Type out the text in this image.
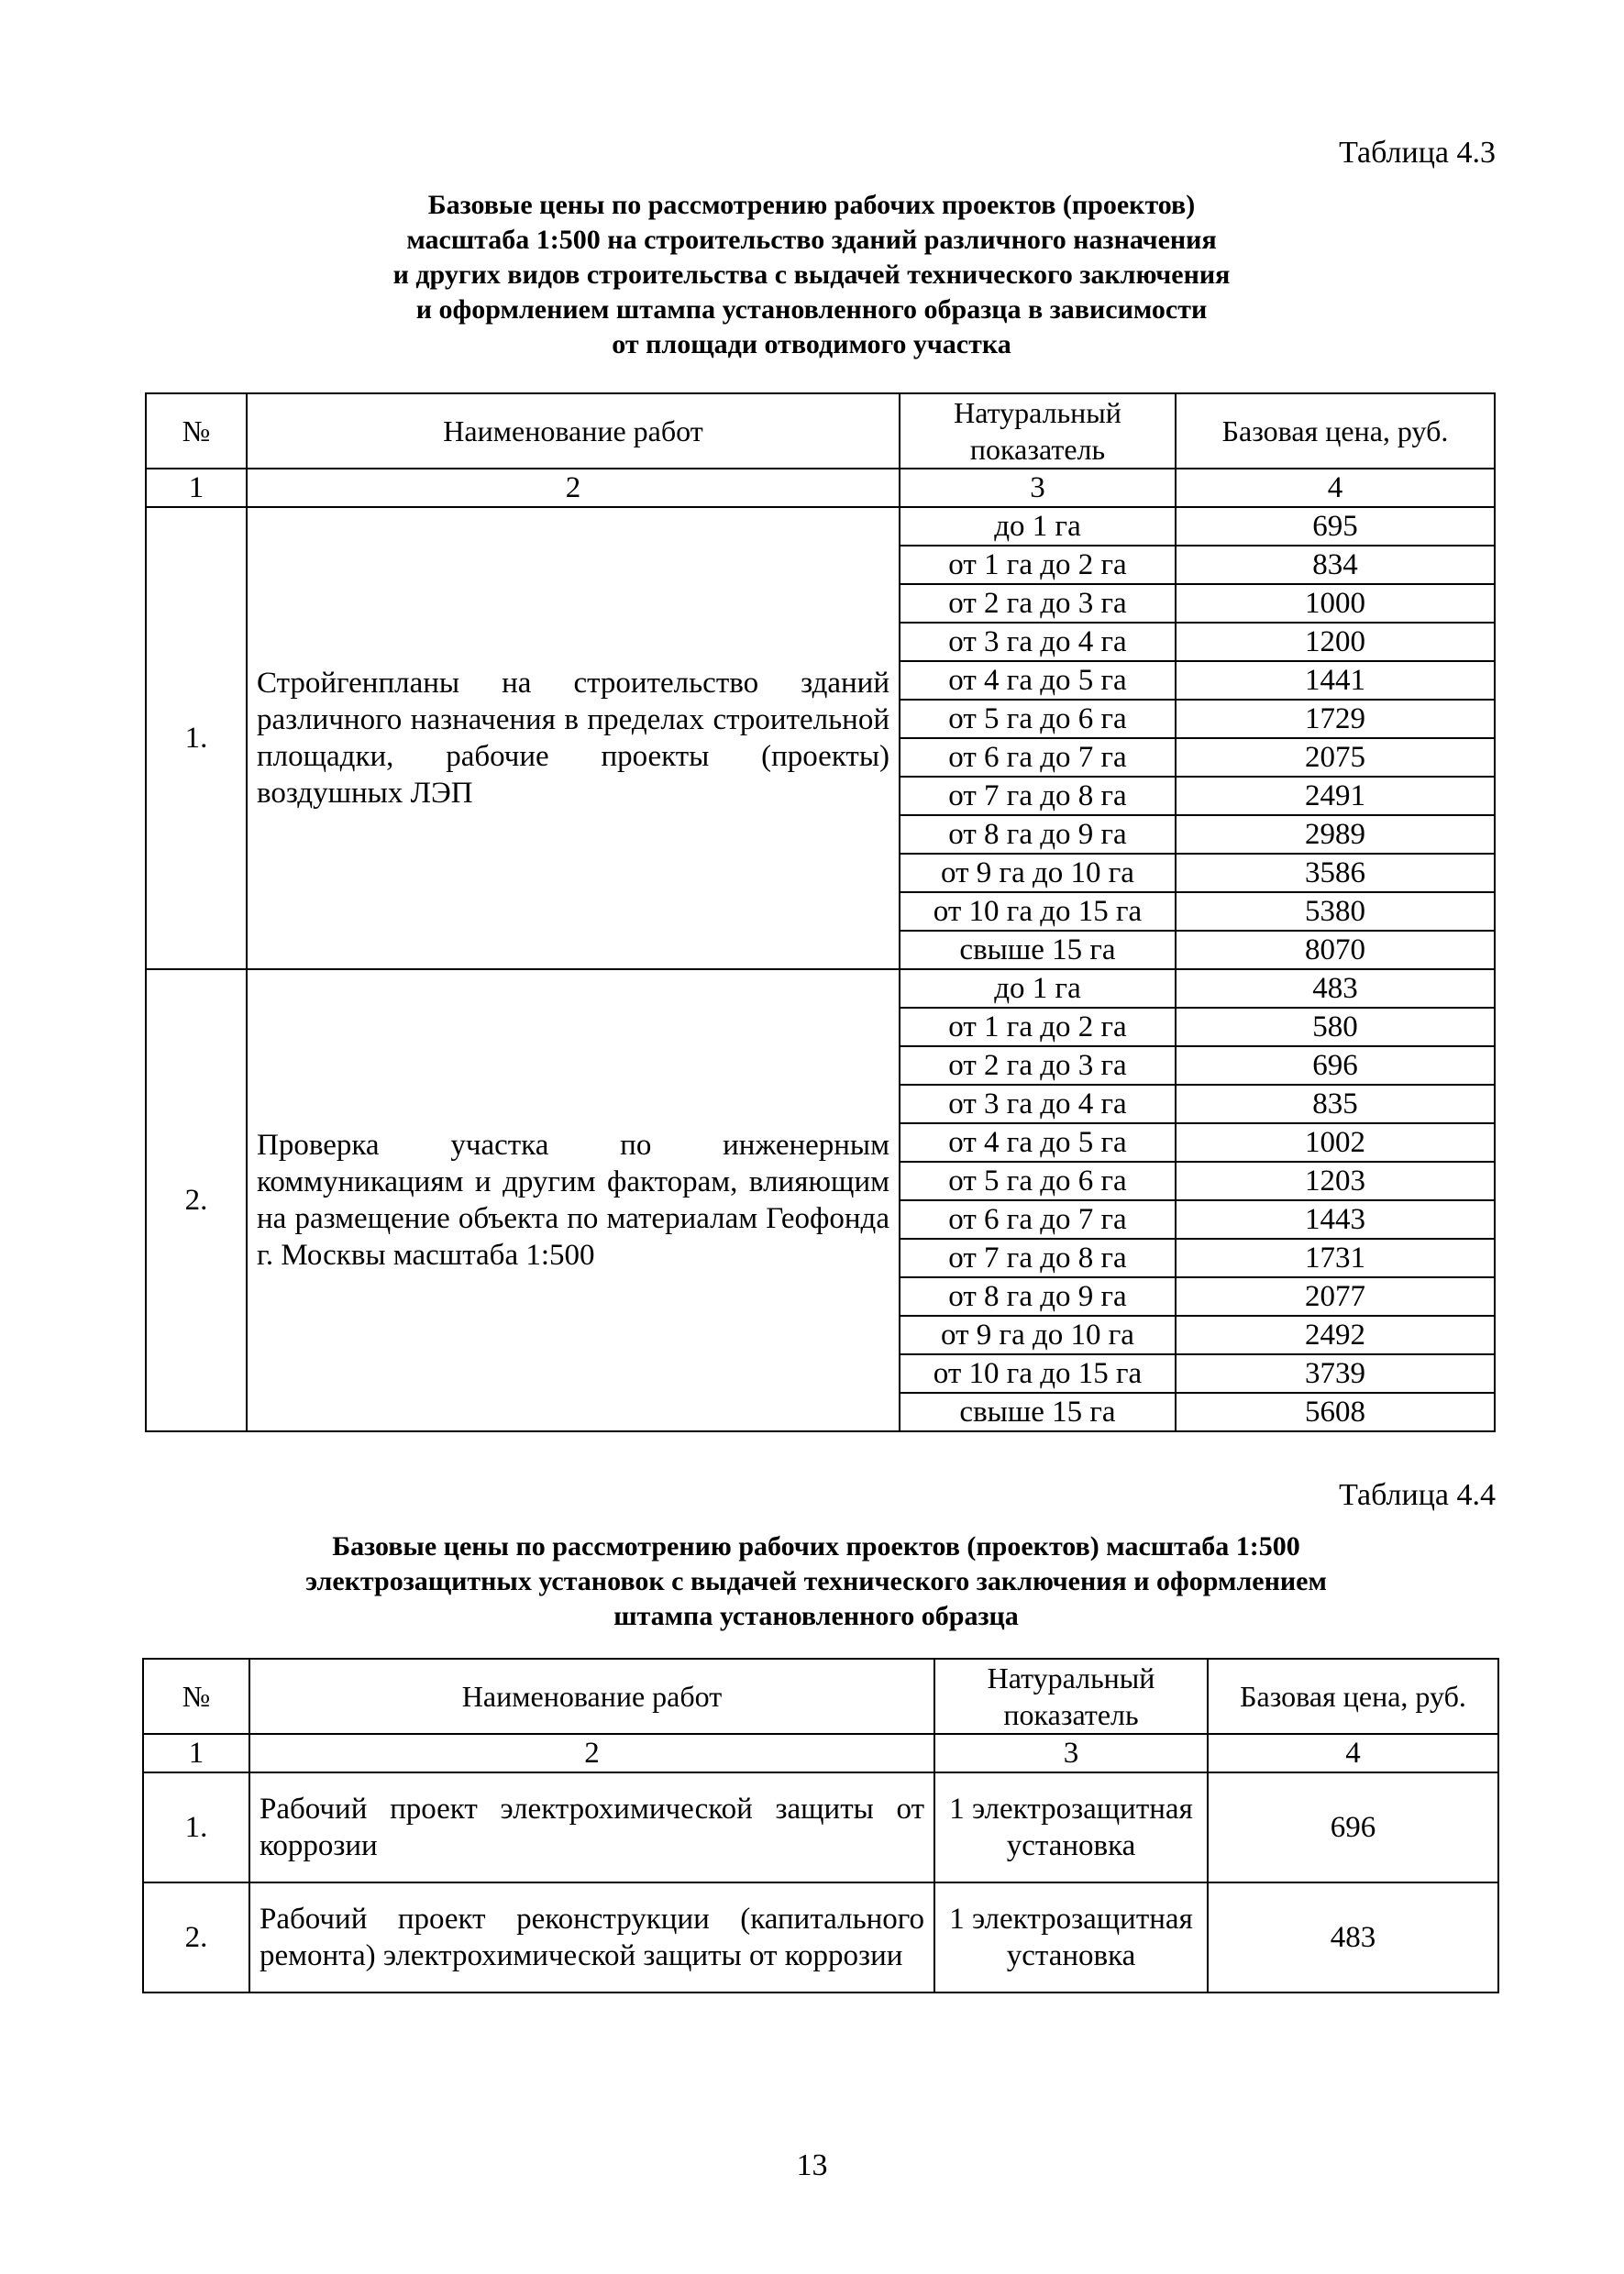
Таблица 4.3
Базовые цены по рассмотрению рабочих проектов (проектов)
масштаба 1:500 на строительство зданий различного назначения
и других видов строительства с выдачей технического заключения
и оформлением штампа установленного образца в зависимости
от площади отводимого участка
№	Наименование работ	Натуральный показатель	Базовая цена, руб.
1	2	3	4
1.	Стройгенпланы на строительство зданий различного назначения в пределах строительной площадки, рабочие проекты (проекты) воздушных ЛЭП	до 1 га	695
		от 1 га до 2 га	834
		от 2 га до 3 га	1000
		от 3 га до 4 га	1200
		от 4 га до 5 га	1441
		от 5 га до 6 га	1729
		от 6 га до 7 га	2075
		от 7 га до 8 га	2491
		от 8 га до 9 га	2989
		от 9 га до 10 га	3586
		от 10 га до 15 га	5380
		свыше 15 га	8070
2.	Проверка участка по инженерным коммуникациям и другим факторам, влияющим на размещение объекта по материалам Геофонда г. Москвы масштаба 1:500	до 1 га	483
		от 1 га до 2 га	580
		от 2 га до 3 га	696
		от 3 га до 4 га	835
		от 4 га до 5 га	1002
		от 5 га до 6 га	1203
		от 6 га до 7 га	1443
		от 7 га до 8 га	1731
		от 8 га до 9 га	2077
		от 9 га до 10 га	2492
		от 10 га до 15 га	3739
		свыше 15 га	5608
Таблица 4.4
Базовые цены по рассмотрению рабочих проектов (проектов) масштаба 1:500
электрозащитных установок с выдачей технического заключения и оформлением
штампа установленного образца
№	Наименование работ	Натуральный показатель	Базовая цена, руб.
1	2	3	4
1.	Рабочий проект электрохимической защиты от коррозии	1 электрозащитная установка	696
2.	Рабочий проект реконструкции (капитального ремонта) электрохимической защиты от коррозии	1 электрозащитная установка	483
13
